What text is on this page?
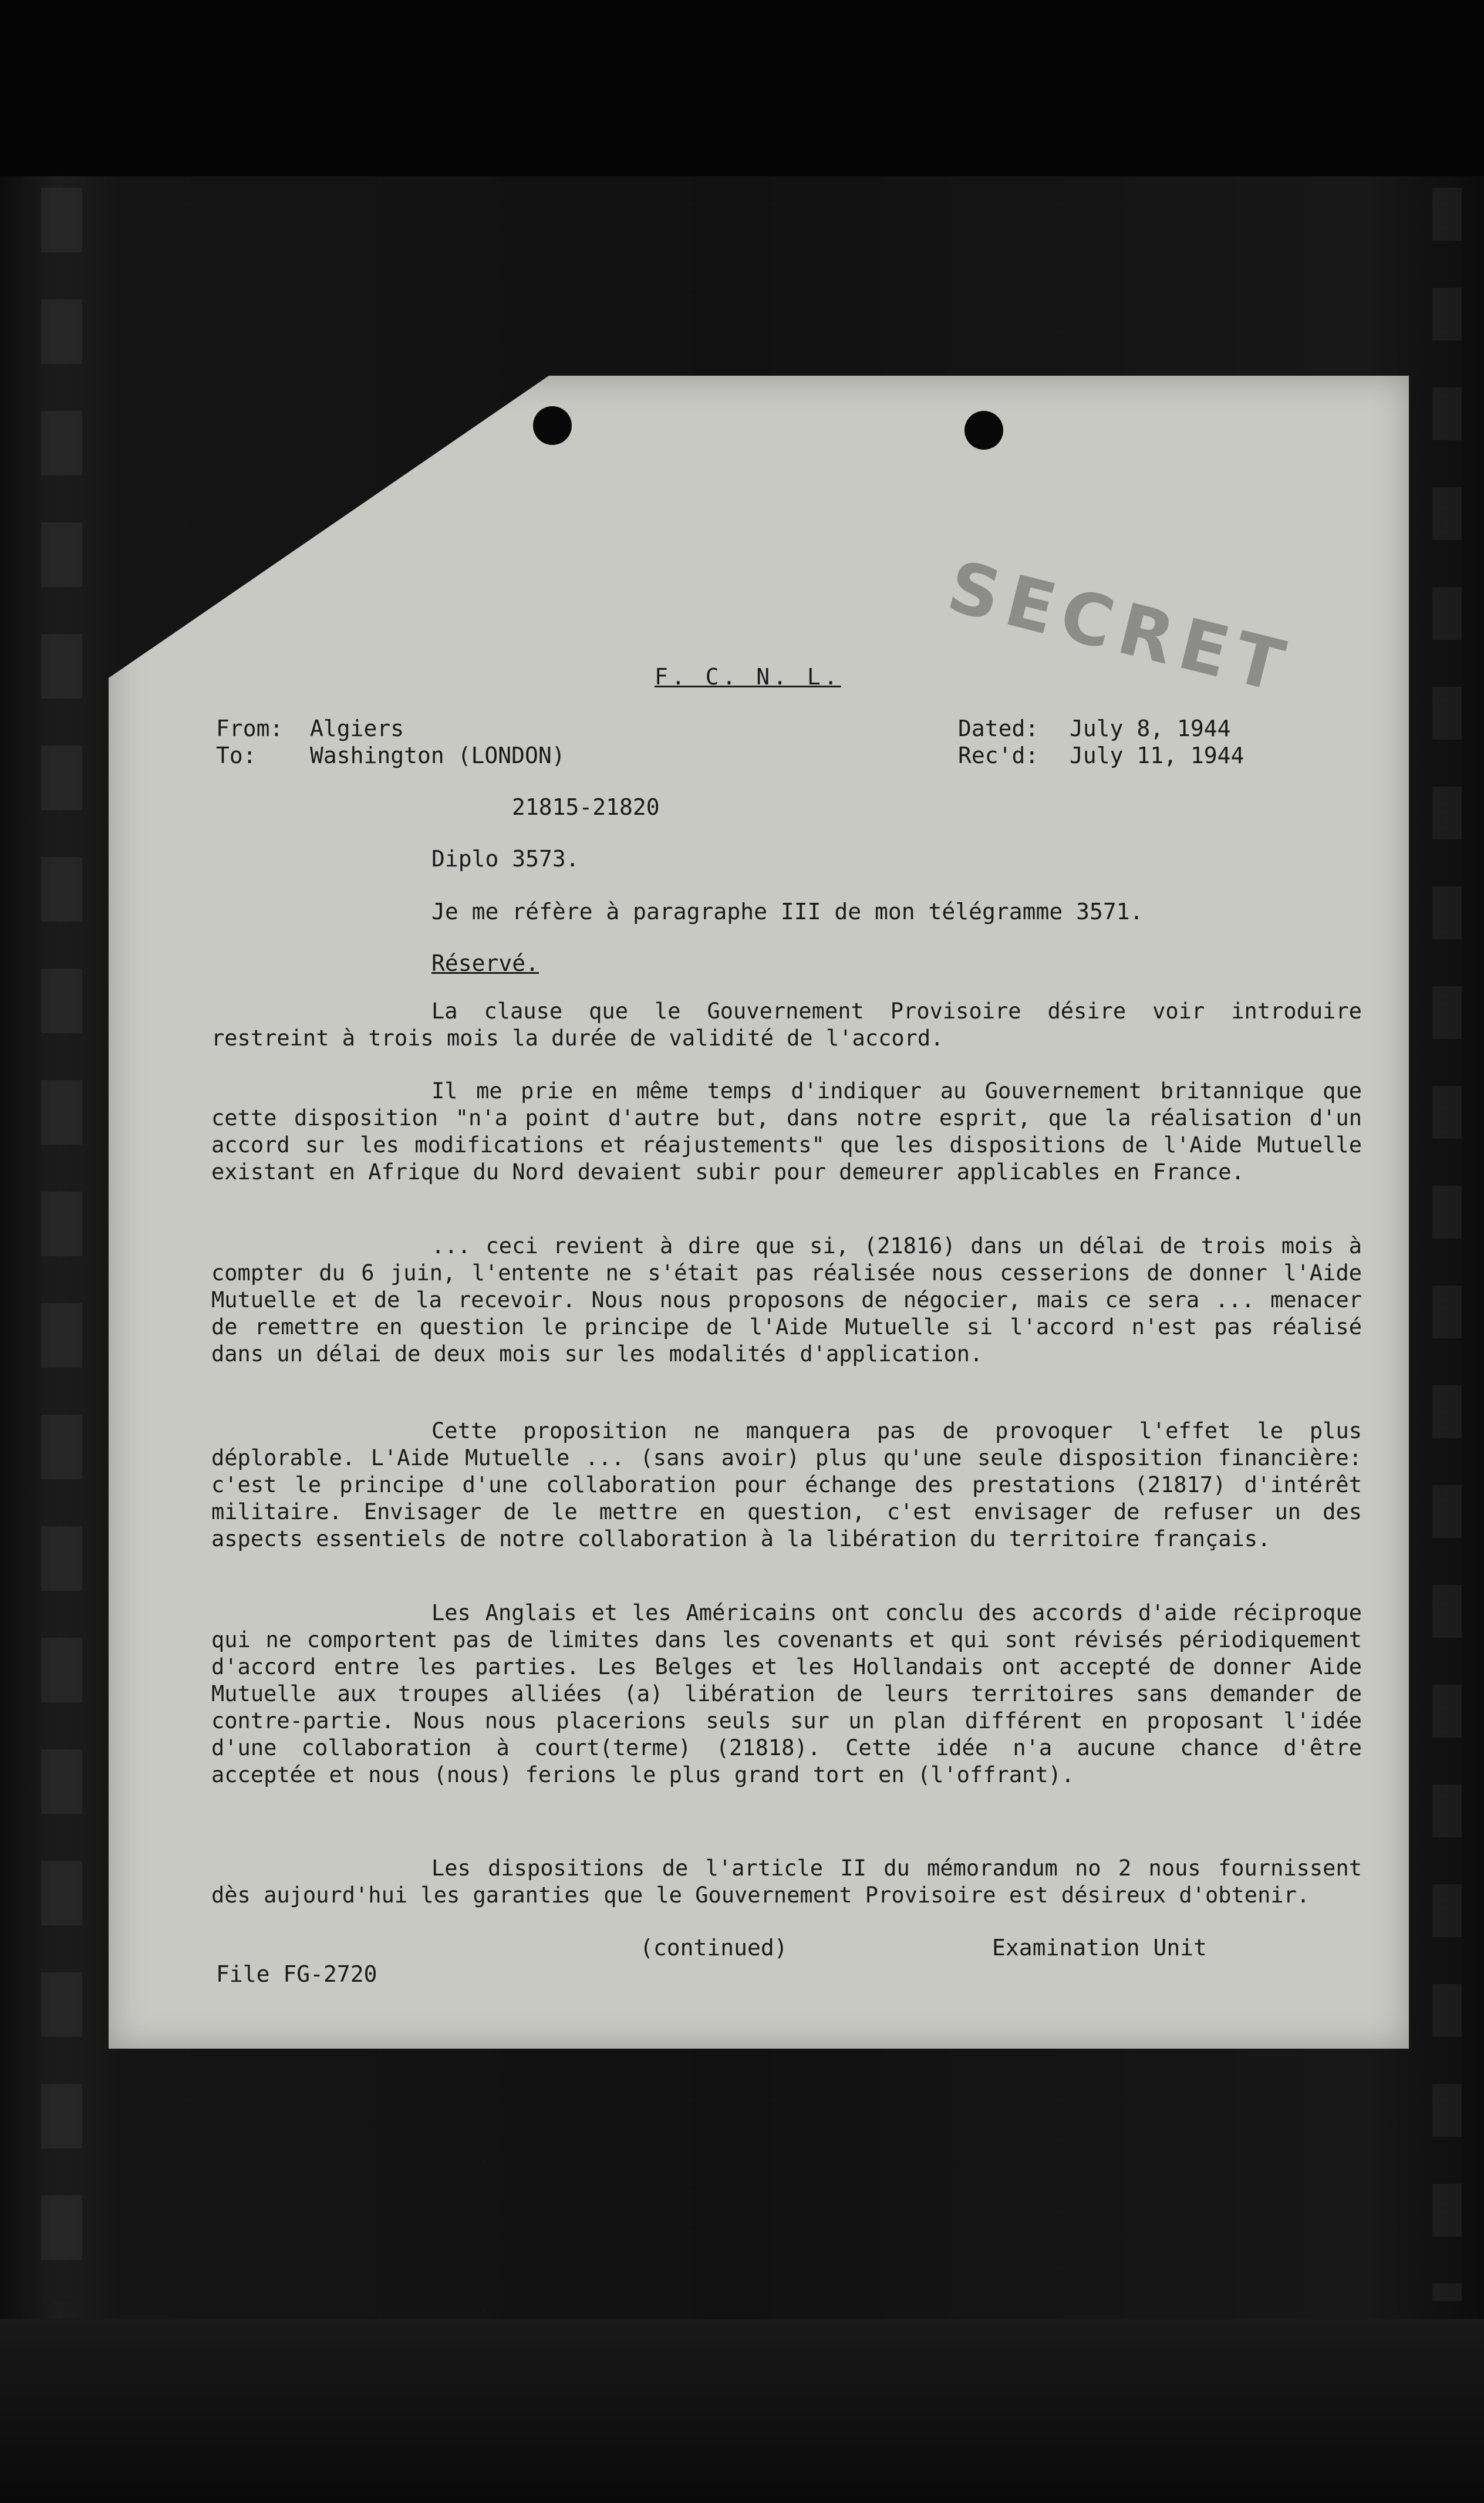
SECRET
F. C. N. L.
From: Algiers
To: Washington (LONDON)
Dated: July 8, 1944
Rec'd: July 11, 1944
21815-21820
Diplo 3573.
Je me réfère à paragraphe III de mon télégramme 3571.
Réservé.
La clause que le Gouvernement Provisoire désire voir introduire restreint à trois mois la durée de validité de l'accord.
Il me prie en même temps d'indiquer au Gouvernement britannique que cette disposition "n'a point d'autre but, dans notre esprit, que la réalisation d'un accord sur les modifications et réajustements" que les dispositions de l'Aide Mutuelle existant en Afrique du Nord devaient subir pour demeurer applicables en France.
... ceci revient à dire que si, (21816) dans un délai de trois mois à compter du 6 juin, l'entente ne s'était pas réalisée nous cesserions de donner l'Aide Mutuelle et de la recevoir. Nous nous proposons de négocier, mais ce sera ... menacer de remettre en question le principe de l'Aide Mutuelle si l'accord n'est pas réalisé dans un délai de deux mois sur les modalités d'application.
Cette proposition ne manquera pas de provoquer l'effet le plus déplorable. L'Aide Mutuelle ... (sans avoir) plus qu'une seule disposition financière: c'est le principe d'une collaboration pour échange des prestations (21817) d'intérêt militaire. Envisager de le mettre en question, c'est envisager de refuser un des aspects essentiels de notre collaboration à la libération du territoire français.
Les Anglais et les Américains ont conclu des accords d'aide réciproque qui ne comportent pas de limites dans les covenants et qui sont révisés périodiquement d'accord entre les parties. Les Belges et les Hollandais ont accepté de donner Aide Mutuelle aux troupes alliées (a) libération de leurs territoires sans demander de contre-partie. Nous nous placerions seuls sur un plan différent en proposant l'idée d'une collaboration à court(terme) (21818). Cette idée n'a aucune chance d'être acceptée et nous (nous) ferions le plus grand tort en (l'offrant).
Les dispositions de l'article II du mémorandum no 2 nous fournissent dès aujourd'hui les garanties que le Gouvernement Provisoire est désireux d'obtenir.
(continued)	Examination Unit
File FG-2720
